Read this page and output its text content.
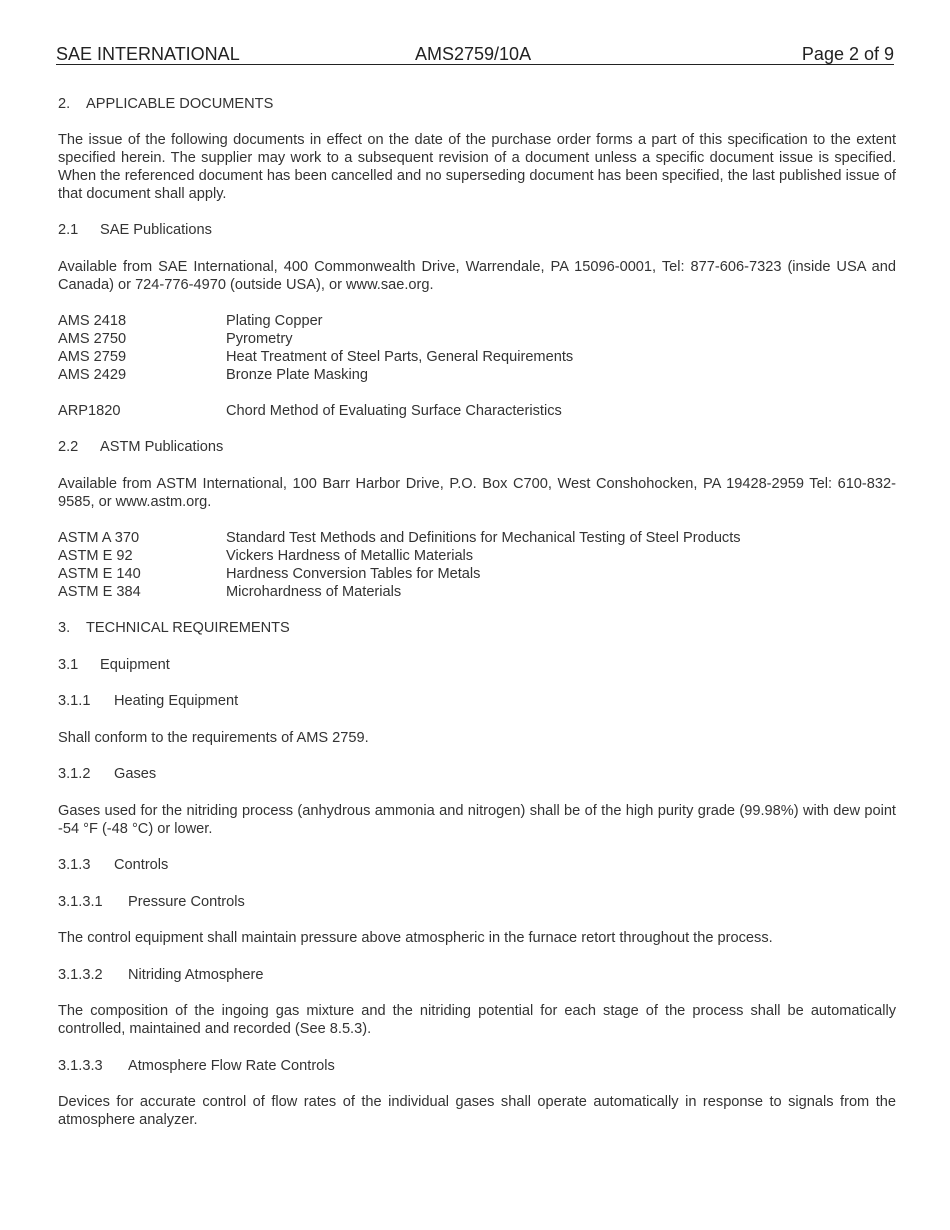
SAE INTERNATIONAL	AMS2759/10A	Page 2 of 9
2. APPLICABLE DOCUMENTS

The issue of the following documents in effect on the date of the purchase order forms a part of this specification to the extent specified herein. The supplier may work to a subsequent revision of a document unless a specific document issue is specified. When the referenced document has been cancelled and no superseding document has been specified, the last published issue of that document shall apply.

2.1 SAE Publications

Available from SAE International, 400 Commonwealth Drive, Warrendale, PA 15096-0001, Tel: 877-606-7323 (inside USA and Canada) or 724-776-4970 (outside USA), or www.sae.org.

AMS 2418	Plating Copper
AMS 2750	Pyrometry
AMS 2759	Heat Treatment of Steel Parts, General Requirements
AMS 2429	Bronze Plate Masking
ARP1820	Chord Method of Evaluating Surface Characteristics
2.2 ASTM Publications

Available from ASTM International, 100 Barr Harbor Drive, P.O. Box C700, West Conshohocken, PA 19428-2959 Tel: 610-832-9585, or www.astm.org.

ASTM A 370	Standard Test Methods and Definitions for Mechanical Testing of Steel Products
ASTM E 92	Vickers Hardness of Metallic Materials
ASTM E 140	Hardness Conversion Tables for Metals
ASTM E 384	Microhardness of Materials
3. TECHNICAL REQUIREMENTS
3.1 Equipment
3.1.1 Heating Equipment

Shall conform to the requirements of AMS 2759.

3.1.2 Gases

Gases used for the nitriding process (anhydrous ammonia and nitrogen) shall be of the high purity grade (99.98%) with dew point -54 °F (-48 °C) or lower.

3.1.3 Controls
3.1.3.1 Pressure Controls

The control equipment shall maintain pressure above atmospheric in the furnace retort throughout the process.

3.1.3.2 Nitriding Atmosphere

The composition of the ingoing gas mixture and the nitriding potential for each stage of the process shall be automatically controlled, maintained and recorded (See 8.5.3).

3.1.3.3 Atmosphere Flow Rate Controls

Devices for accurate control of flow rates of the individual gases shall operate automatically in response to signals from the atmosphere analyzer.
